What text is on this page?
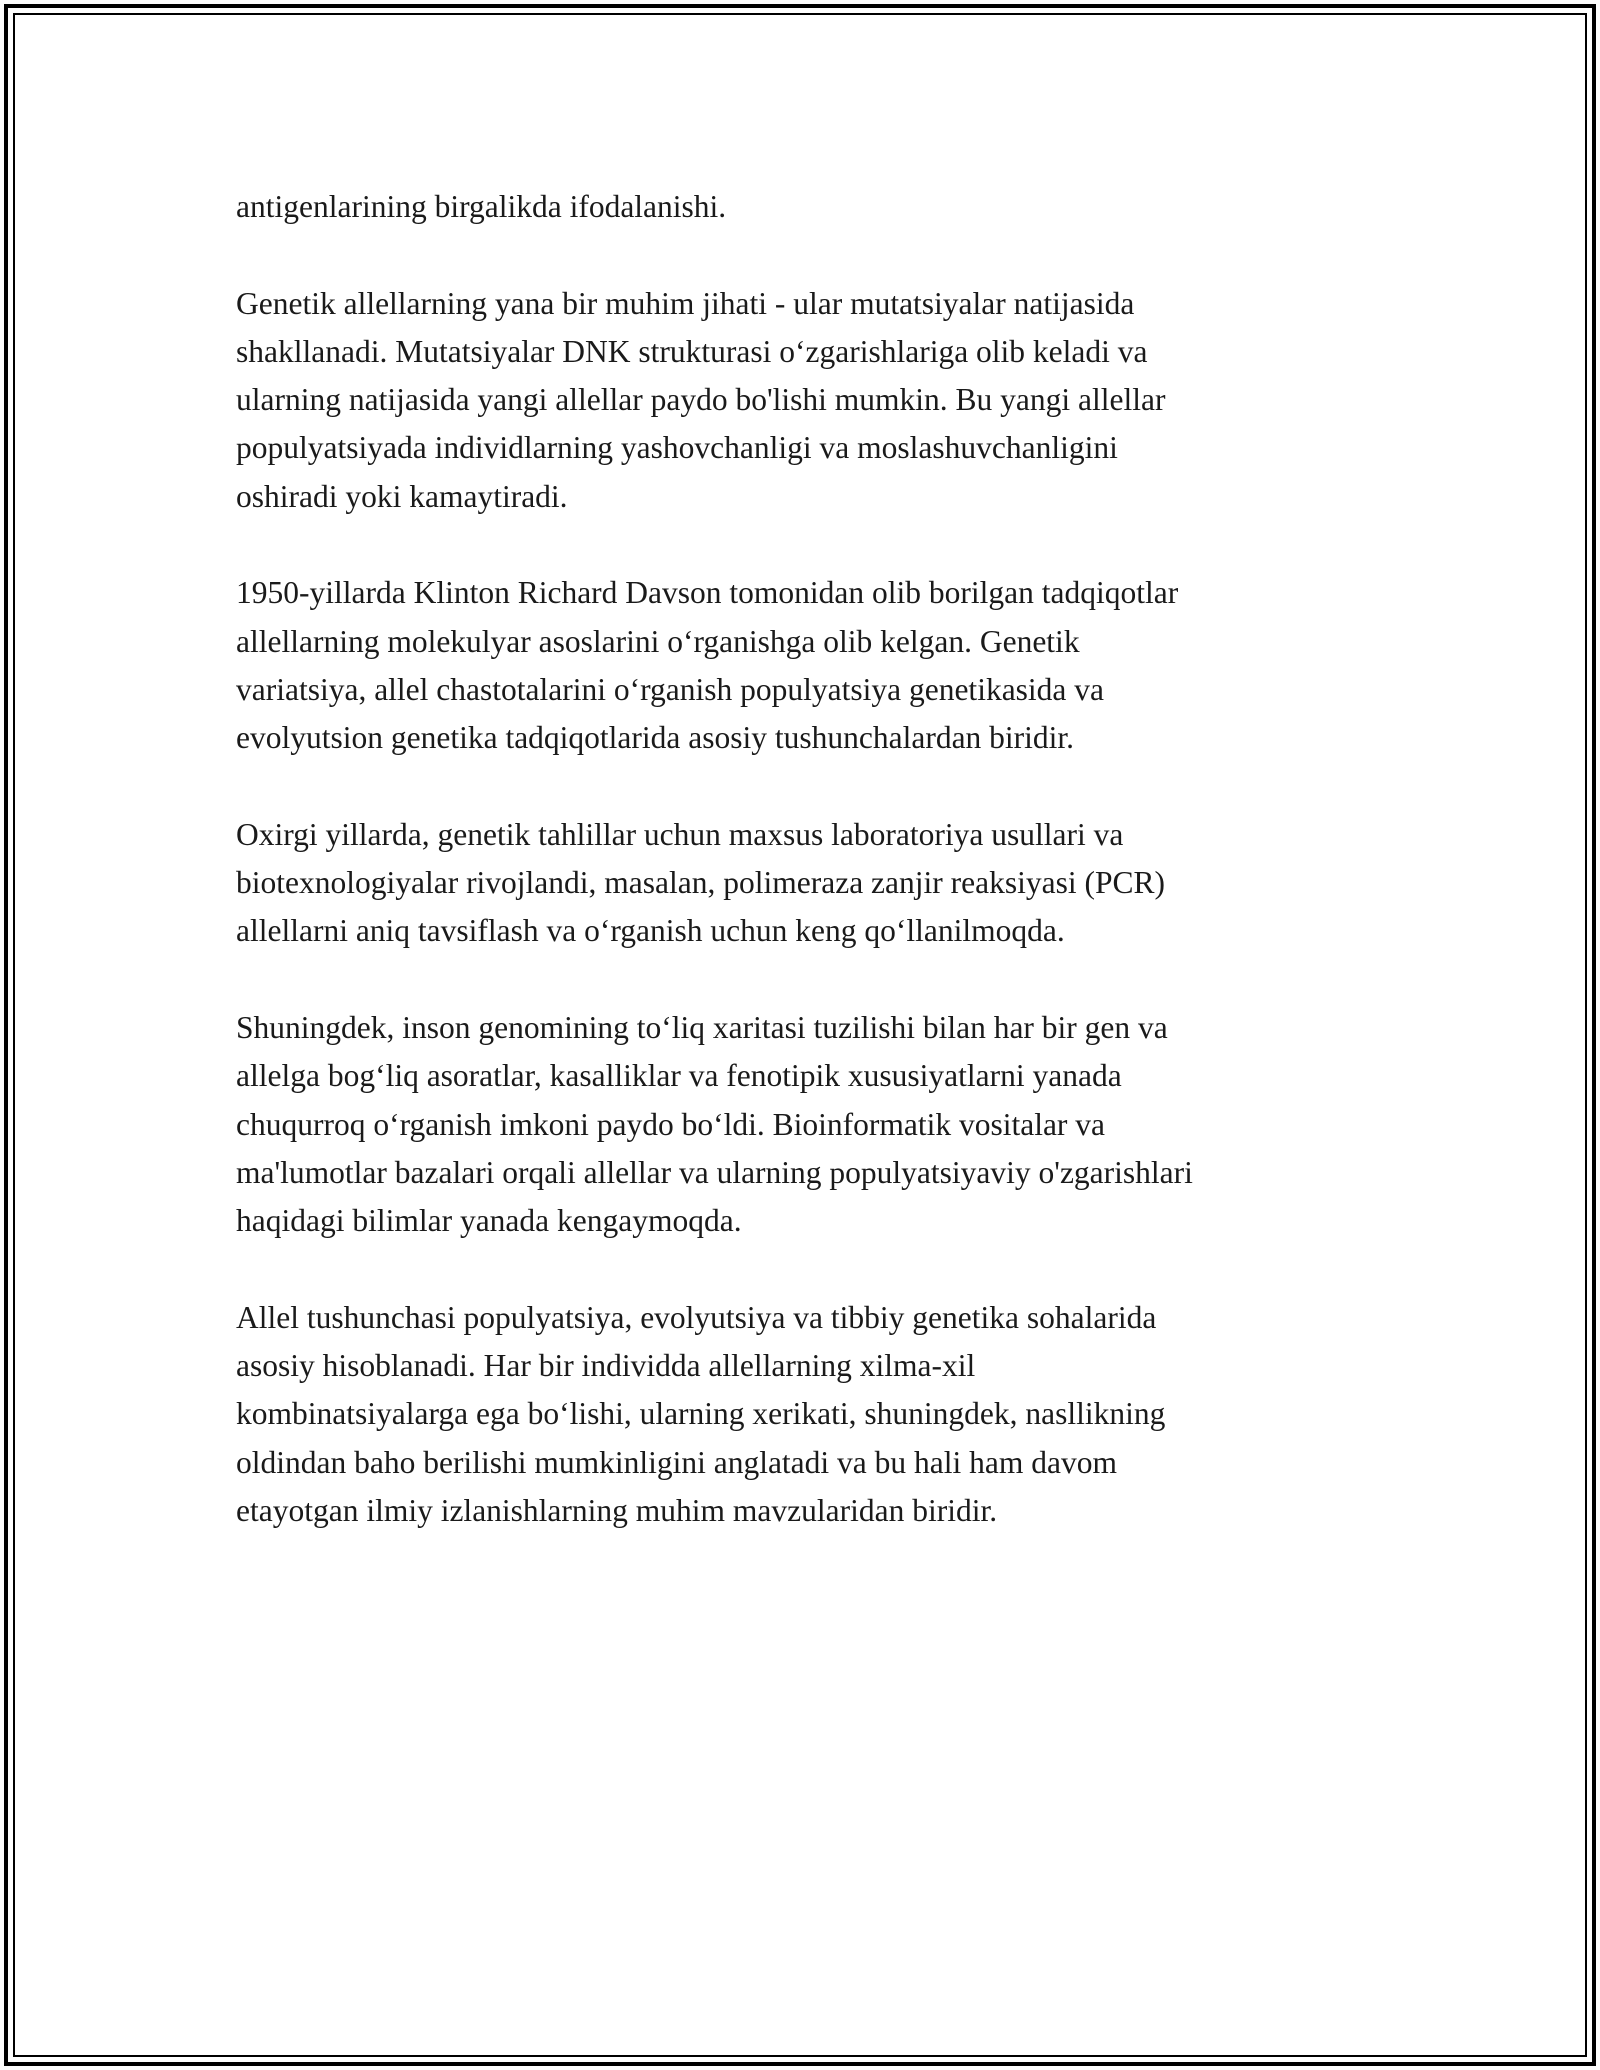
antigenlarining birgalikda ifodalanishi.

Genetik allellarning yana bir muhim jihati - ular mutatsiyalar natijasida
shakllanadi. Mutatsiyalar DNK strukturasi o‘zgarishlariga olib keladi va
ularning natijasida yangi allellar paydo bo'lishi mumkin. Bu yangi allellar
populyatsiyada individlarning yashovchanligi va moslashuvchanligini
oshiradi yoki kamaytiradi.

1950-yillarda Klinton Richard Davson tomonidan olib borilgan tadqiqotlar
allellarning molekulyar asoslarini o‘rganishga olib kelgan. Genetik
variatsiya, allel chastotalarini o‘rganish populyatsiya genetikasida va
evolyutsion genetika tadqiqotlarida asosiy tushunchalardan biridir.

Oxirgi yillarda, genetik tahlillar uchun maxsus laboratoriya usullari va
biotexnologiyalar rivojlandi, masalan, polimeraza zanjir reaksiyasi (PCR)
allellarni aniq tavsiflash va o‘rganish uchun keng qo‘llanilmoqda.

Shuningdek, inson genomining to‘liq xaritasi tuzilishi bilan har bir gen va
allelga bog‘liq asoratlar, kasalliklar va fenotipik xususiyatlarni yanada
chuqurroq o‘rganish imkoni paydo bo‘ldi. Bioinformatik vositalar va
ma'lumotlar bazalari orqali allellar va ularning populyatsiyaviy o'zgarishlari
haqidagi bilimlar yanada kengaymoqda.

Allel tushunchasi populyatsiya, evolyutsiya va tibbiy genetika sohalarida
asosiy hisoblanadi. Har bir individda allellarning xilma-xil
kombinatsiyalarga ega bo‘lishi, ularning xerikati, shuningdek, nasllikning
oldindan baho berilishi mumkinligini anglatadi va bu hali ham davom
etayotgan ilmiy izlanishlarning muhim mavzularidan biridir.
